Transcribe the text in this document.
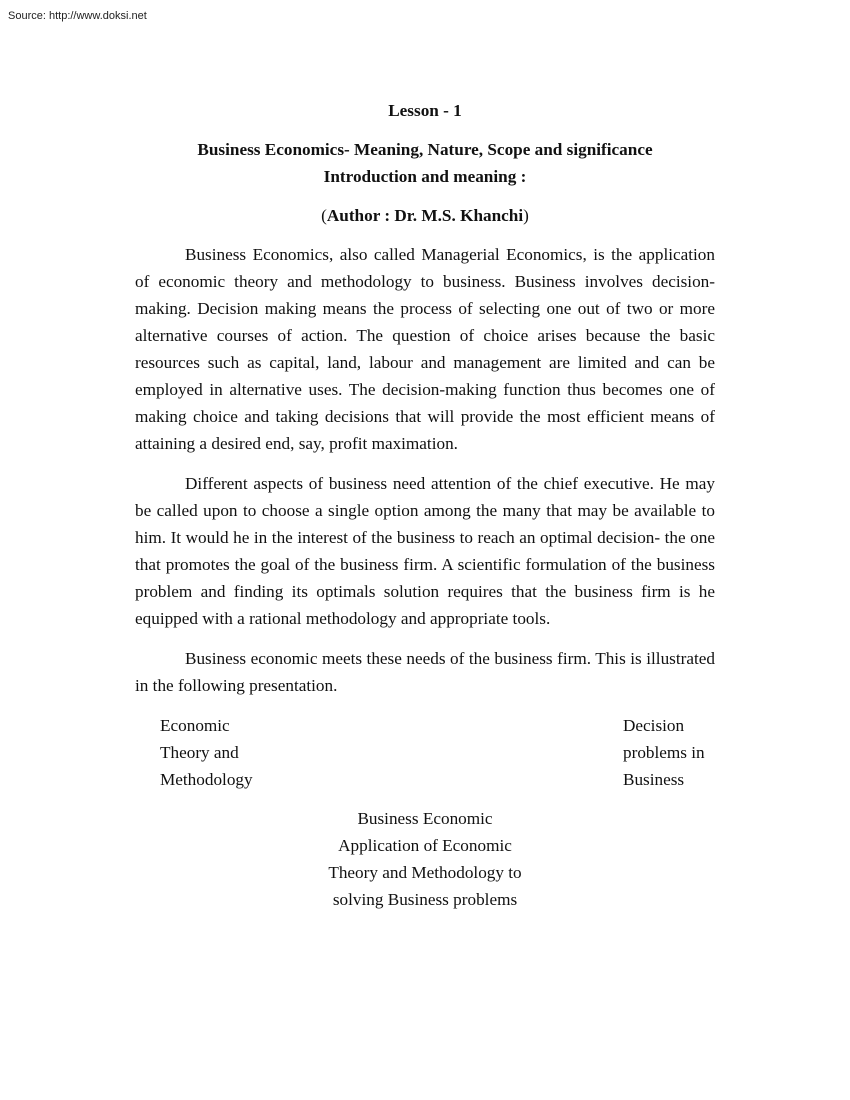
Source: http://www.doksi.net
Lesson - 1
Business Economics- Meaning, Nature, Scope and significance
Introduction and meaning :
(Author : Dr. M.S. Khanchi)

Business Economics, also called Managerial Economics, is the application of economic theory and methodology to business. Business involves decision-making. Decision making means the process of selecting one out of two or more alternative courses of action. The question of choice arises because the basic resources such as capital, land, labour and management are limited and can be employed in alternative uses. The decision-making function thus becomes one of making choice and taking decisions that will provide the most efficient means of attaining a desired end, say, profit maximation.

Different aspects of business need attention of the chief executive. He may be called upon to choose a single option among the many that may be available to him. It would he in the interest of the business to reach an optimal decision- the one that promotes the goal of the business firm. A scientific formulation of the business problem and finding its optimals solution requires that the business firm is he equipped with a rational methodology and appropriate tools.

Business economic meets these needs of the business firm. This is illustrated in the following presentation.

Economic
Theory and
Methodology
Decision
problems in
Business
Business Economic
Application of Economic
Theory and Methodology to
solving Business problems
